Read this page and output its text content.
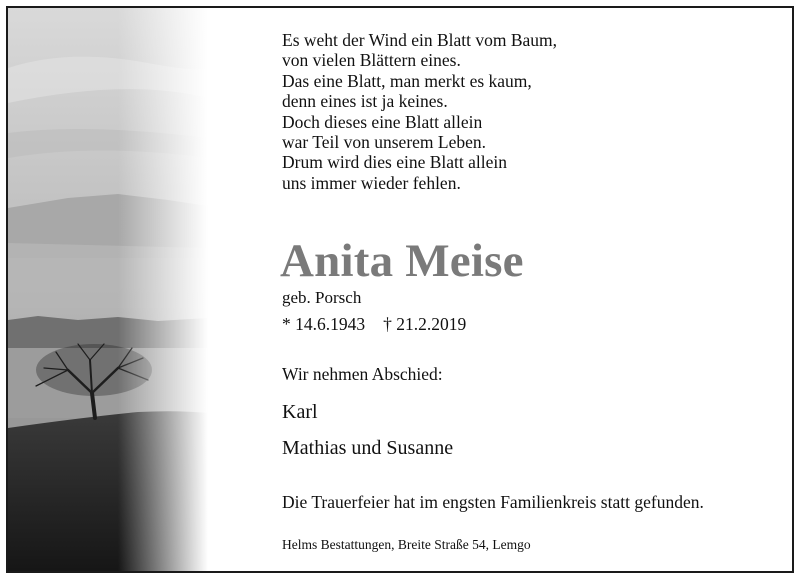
Es weht der Wind ein Blatt vom Baum,
von vielen Blättern eines.
Das eine Blatt, man merkt es kaum,
denn eines ist ja keines.
Doch dieses eine Blatt allein
war Teil von unserem Leben.
Drum wird dies eine Blatt allein
uns immer wieder fehlen.
Anita Meise
geb. Porsch
* 14.6.1943 † 21.2.2019
Wir nehmen Abschied:
Karl
Mathias und Susanne
Die Trauerfeier hat im engsten Familienkreis statt gefunden.
Helms Bestattungen, Breite Straße 54, Lemgo
